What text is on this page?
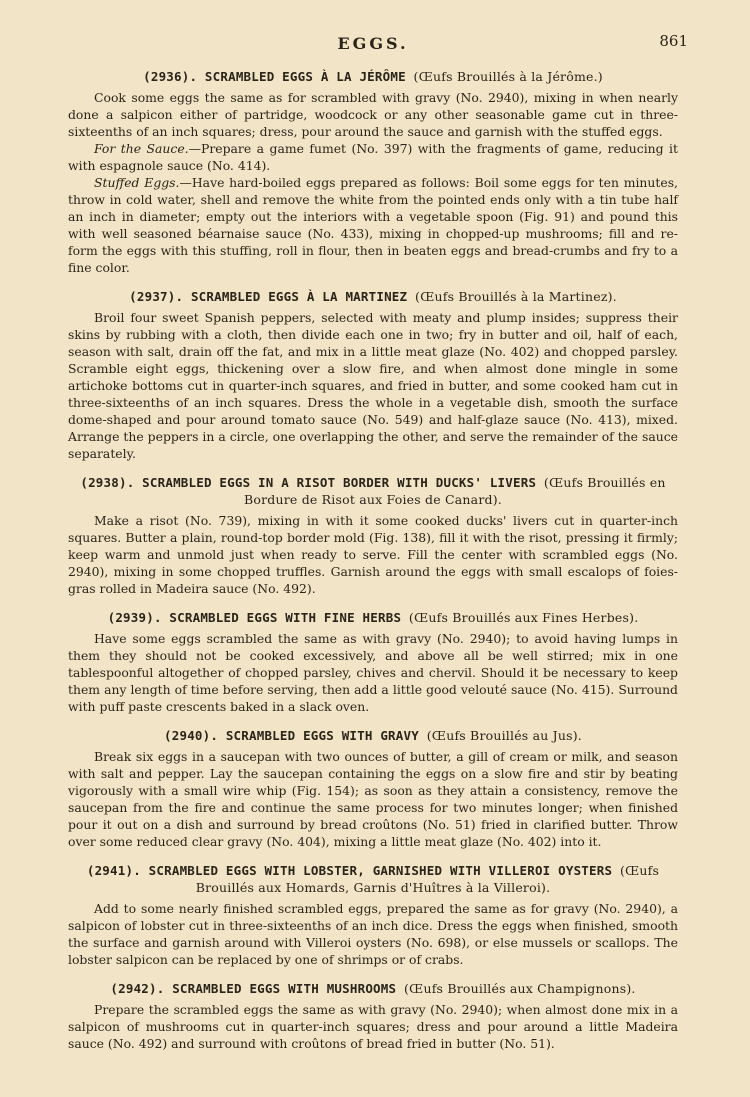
EGGS.	861
(2936). SCRAMBLED EGGS À LA JÉRÔME (Œufs Brouillés à la Jérôme.)

Cook some eggs the same as for scrambled with gravy (No. 2940), mixing in when nearly done a salpicon either of partridge, woodcock or any other seasonable game cut in three-sixteenths of an inch squares; dress, pour around the sauce and garnish with the stuffed eggs.

For the Sauce.—Prepare a game fumet (No. 397) with the fragments of game, reducing it with espagnole sauce (No. 414).

Stuffed Eggs.—Have hard-boiled eggs prepared as follows: Boil some eggs for ten minutes, throw in cold water, shell and remove the white from the pointed ends only with a tin tube half an inch in diameter; empty out the interiors with a vegetable spoon (Fig. 91) and pound this with well seasoned béarnaise sauce (No. 433), mixing in chopped-up mushrooms; fill and re-form the eggs with this stuffing, roll in flour, then in beaten eggs and bread-crumbs and fry to a fine color.

(2937). SCRAMBLED EGGS À LA MARTINEZ (Œufs Brouillés à la Martinez).

Broil four sweet Spanish peppers, selected with meaty and plump insides; suppress their skins by rubbing with a cloth, then divide each one in two; fry in butter and oil, half of each, season with salt, drain off the fat, and mix in a little meat glaze (No. 402) and chopped parsley. Scramble eight eggs, thickening over a slow fire, and when almost done mingle in some artichoke bottoms cut in quarter-inch squares, and fried in butter, and some cooked ham cut in three-sixteenths of an inch squares. Dress the whole in a vegetable dish, smooth the surface dome-shaped and pour around tomato sauce (No. 549) and half-glaze sauce (No. 413), mixed. Arrange the peppers in a circle, one overlapping the other, and serve the remainder of the sauce separately.

(2938). SCRAMBLED EGGS IN A RISOT BORDER WITH DUCKS' LIVERS (Œufs Brouillés en
Bordure de Risot aux Foies de Canard).

Make a risot (No. 739), mixing in with it some cooked ducks' livers cut in quarter-inch squares. Butter a plain, round-top border mold (Fig. 138), fill it with the risot, pressing it firmly; keep warm and unmold just when ready to serve. Fill the center with scrambled eggs (No. 2940), mixing in some chopped truffles. Garnish around the eggs with small escalops of foies-gras rolled in Madeira sauce (No. 492).

(2939). SCRAMBLED EGGS WITH FINE HERBS (Œufs Brouillés aux Fines Herbes).

Have some eggs scrambled the same as with gravy (No. 2940); to avoid having lumps in them they should not be cooked excessively, and above all be well stirred; mix in one tablespoonful altogether of chopped parsley, chives and chervil. Should it be necessary to keep them any length of time before serving, then add a little good velouté sauce (No. 415). Surround with puff paste crescents baked in a slack oven.

(2940). SCRAMBLED EGGS WITH GRAVY (Œufs Brouillés au Jus).

Break six eggs in a saucepan with two ounces of butter, a gill of cream or milk, and season with salt and pepper. Lay the saucepan containing the eggs on a slow fire and stir by beating vigorously with a small wire whip (Fig. 154); as soon as they attain a consistency, remove the saucepan from the fire and continue the same process for two minutes longer; when finished pour it out on a dish and surround by bread croûtons (No. 51) fried in clarified butter. Throw over some reduced clear gravy (No. 404), mixing a little meat glaze (No. 402) into it.

(2941). SCRAMBLED EGGS WITH LOBSTER, GARNISHED WITH VILLEROI OYSTERS (Œufs
Brouillés aux Homards, Garnis d'Huîtres à la Villeroi).

Add to some nearly finished scrambled eggs, prepared the same as for gravy (No. 2940), a salpicon of lobster cut in three-sixteenths of an inch dice. Dress the eggs when finished, smooth the surface and garnish around with Villeroi oysters (No. 698), or else mussels or scallops. The lobster salpicon can be replaced by one of shrimps or of crabs.

(2942). SCRAMBLED EGGS WITH MUSHROOMS (Œufs Brouillés aux Champignons).

Prepare the scrambled eggs the same as with gravy (No. 2940); when almost done mix in a salpicon of mushrooms cut in quarter-inch squares; dress and pour around a little Madeira sauce (No. 492) and surround with croûtons of bread fried in butter (No. 51).
